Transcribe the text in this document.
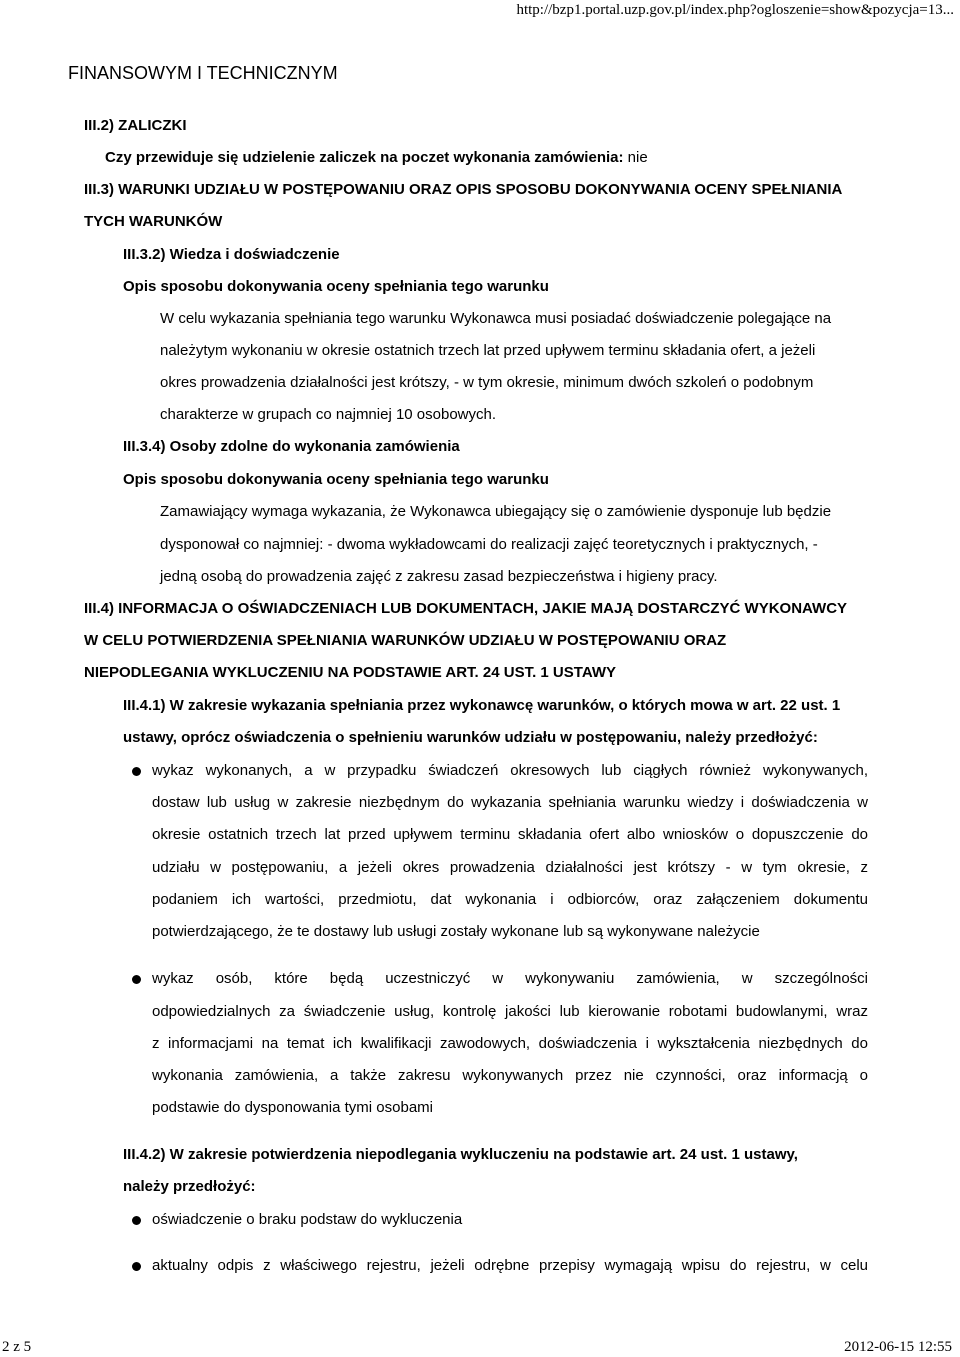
http://bzp1.portal.uzp.gov.pl/index.php?ogloszenie=show&pozycja=13...
FINANSOWYM I TECHNICZNYM
III.2) ZALICZKI
Czy przewiduje się udzielenie zaliczek na poczet wykonania zamówienia: nie
III.3) WARUNKI UDZIAŁU W POSTĘPOWANIU ORAZ OPIS SPOSOBU DOKONYWANIA OCENY SPEŁNIANIA
TYCH WARUNKÓW
III.3.2) Wiedza i doświadczenie
Opis sposobu dokonywania oceny spełniania tego warunku
W celu wykazania spełniania tego warunku Wykonawca musi posiadać doświadczenie polegające na
należytym wykonaniu w okresie ostatnich trzech lat przed upływem terminu składania ofert, a jeżeli
okres prowadzenia działalności jest krótszy, - w tym okresie, minimum dwóch szkoleń o podobnym
charakterze w grupach co najmniej 10 osobowych.
III.3.4) Osoby zdolne do wykonania zamówienia
Opis sposobu dokonywania oceny spełniania tego warunku
Zamawiający wymaga wykazania, że Wykonawca ubiegający się o zamówienie dysponuje lub będzie
dysponował co najmniej: - dwoma wykładowcami do realizacji zajęć teoretycznych i praktycznych, -
jedną osobą do prowadzenia zajęć z zakresu zasad bezpieczeństwa i higieny pracy.
III.4) INFORMACJA O OŚWIADCZENIACH LUB DOKUMENTACH, JAKIE MAJĄ DOSTARCZYĆ WYKONAWCY
W CELU POTWIERDZENIA SPEŁNIANIA WARUNKÓW UDZIAŁU W POSTĘPOWANIU ORAZ
NIEPODLEGANIA WYKLUCZENIU NA PODSTAWIE ART. 24 UST. 1 USTAWY
III.4.1) W zakresie wykazania spełniania przez wykonawcę warunków, o których mowa w art. 22 ust. 1
ustawy, oprócz oświadczenia o spełnieniu warunków udziału w postępowaniu, należy przedłożyć:
wykaz wykonanych, a w przypadku świadczeń okresowych lub ciągłych również wykonywanych,
dostaw lub usług w zakresie niezbędnym do wykazania spełniania warunku wiedzy i doświadczenia w
okresie ostatnich trzech lat przed upływem terminu składania ofert albo wniosków o dopuszczenie do
udziału w postępowaniu, a jeżeli okres prowadzenia działalności jest krótszy - w tym okresie, z
podaniem ich wartości, przedmiotu, dat wykonania i odbiorców, oraz załączeniem dokumentu
potwierdzającego, że te dostawy lub usługi zostały wykonane lub są wykonywane należycie
wykaz osób, które będą uczestniczyć w wykonywaniu zamówienia, w szczególności
odpowiedzialnych za świadczenie usług, kontrolę jakości lub kierowanie robotami budowlanymi, wraz
z informacjami na temat ich kwalifikacji zawodowych, doświadczenia i wykształcenia niezbędnych do
wykonania zamówienia, a także zakresu wykonywanych przez nie czynności, oraz informacją o
podstawie do dysponowania tymi osobami
III.4.2) W zakresie potwierdzenia niepodlegania wykluczeniu na podstawie art. 24 ust. 1 ustawy,
należy przedłożyć:
oświadczenie o braku podstaw do wykluczenia
aktualny odpis z właściwego rejestru, jeżeli odrębne przepisy wymagają wpisu do rejestru, w celu
2 z 5	2012-06-15 12:55
